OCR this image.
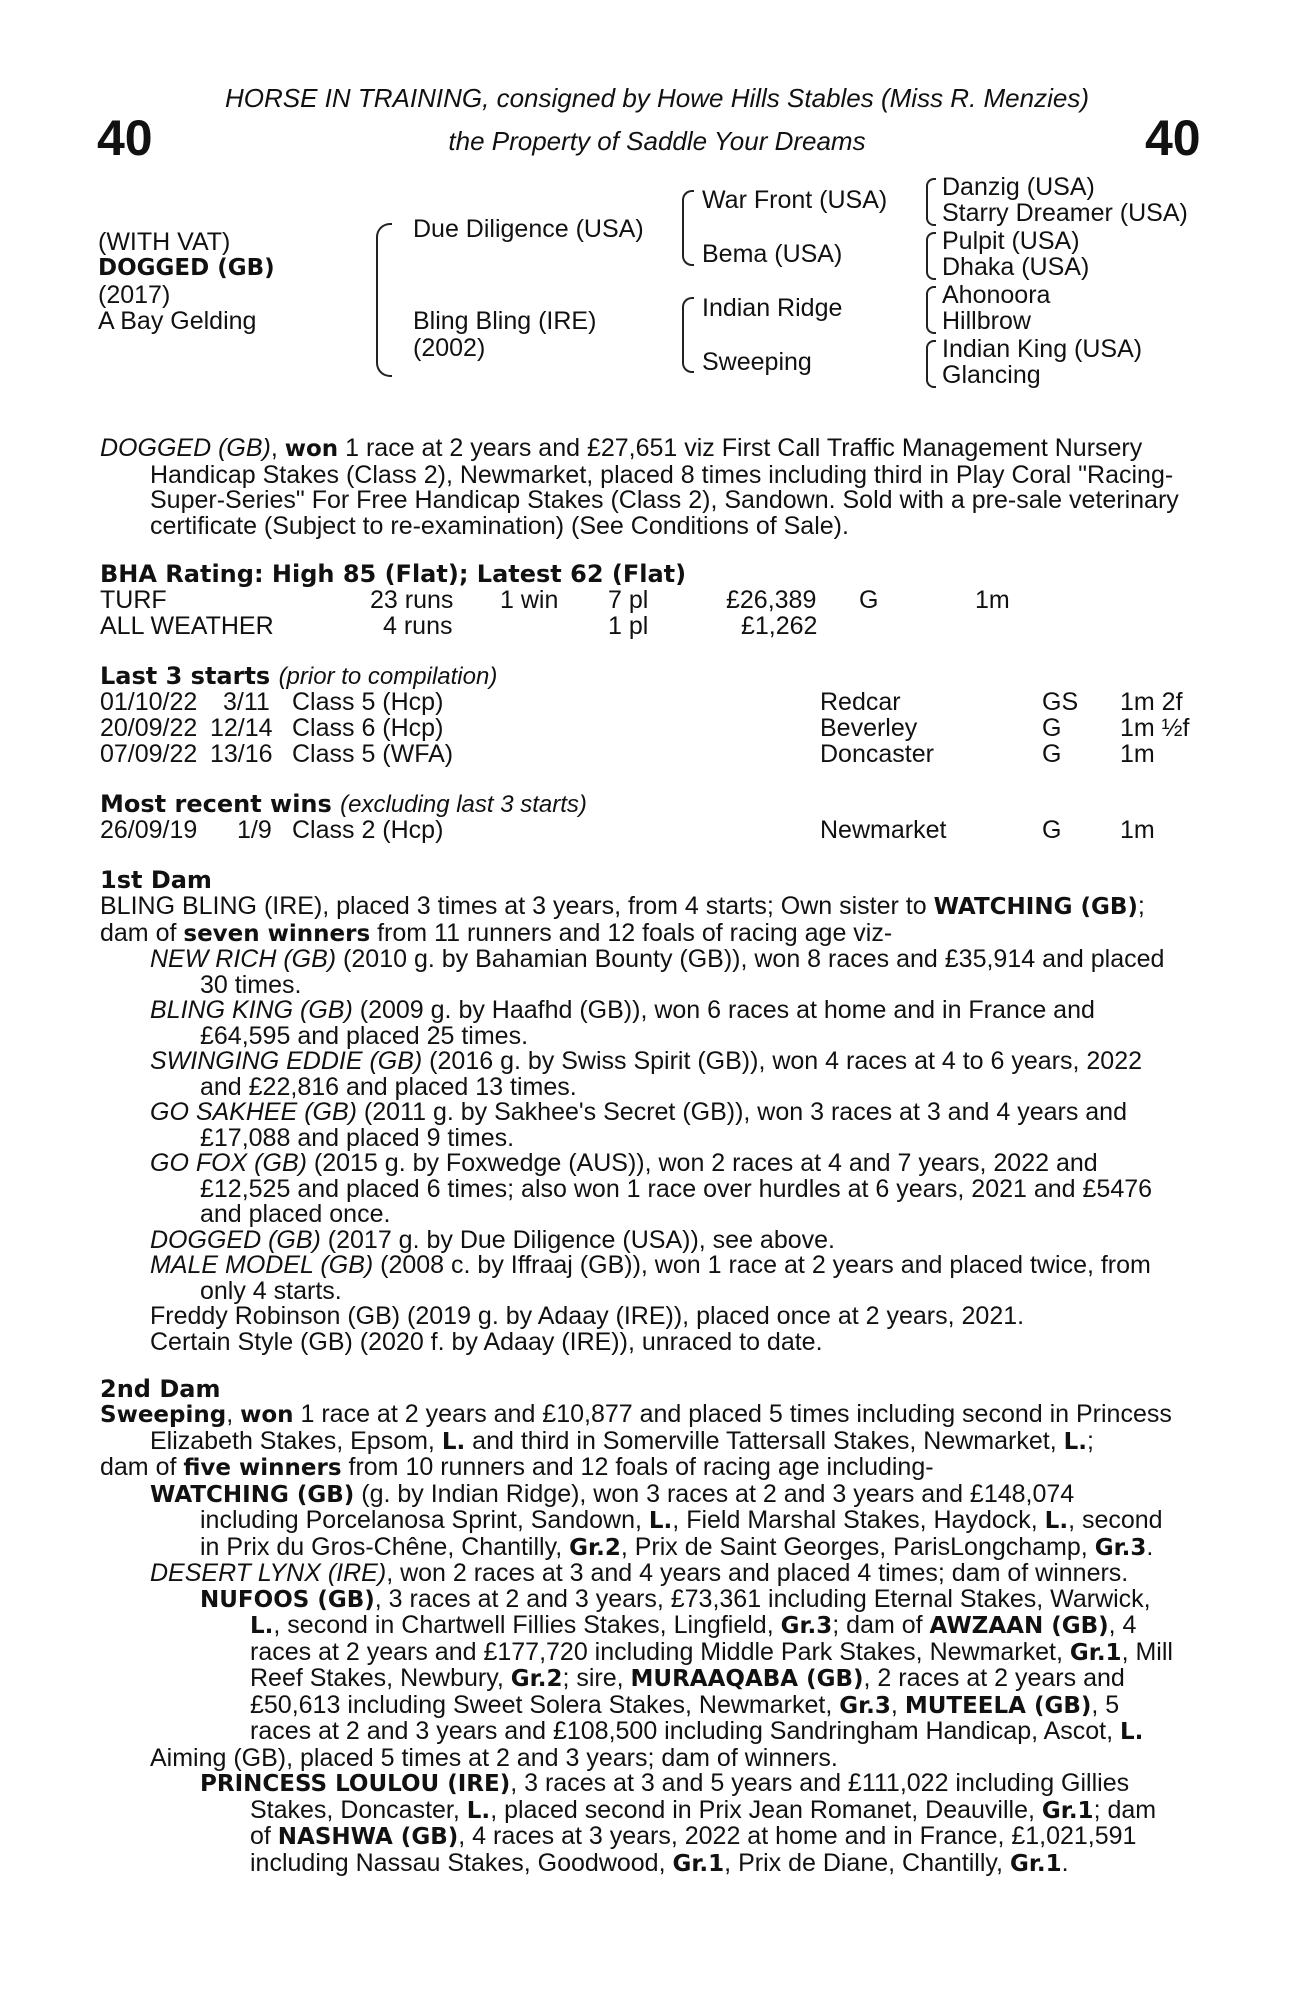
40	40
HORSE IN TRAINING, consigned by Howe Hills Stables (Miss R. Menzies)
the Property of Saddle Your Dreams
(WITH VAT)
DOGGED (GB)
(2017)
A Bay Gelding
Due Diligence (USA)
Bling Bling (IRE)
(2002)
War Front (USA)
Bema (USA)
Indian Ridge
Sweeping
Danzig (USA)
Starry Dreamer (USA)
Pulpit (USA)
Dhaka (USA)
Ahonoora
Hillbrow
Indian King (USA)
Glancing
DOGGED (GB), won 1 race at 2 years and £27,651 viz First Call Traffic Management Nursery
Handicap Stakes (Class 2), Newmarket, placed 8 times including third in Play Coral "Racing-
Super-Series" For Free Handicap Stakes (Class 2), Sandown. Sold with a pre-sale veterinary
certificate (Subject to re-examination) (See Conditions of Sale).
BHA Rating: High 85 (Flat); Latest 62 (Flat)
TURF	23 runs 1 win 7 pl	£26,389 G	1m
ALL WEATHER	4 runs	1 pl	£1,262
Last 3 starts (prior to compilation)
01/10/22 3/11 Class 5 (Hcp)	Redcar	GS 1m 2f
20/09/22 12/14 Class 6 (Hcp)	Beverley	G 1m ½f
07/09/22 13/16 Class 5 (WFA)	Doncaster	G 1m
Most recent wins (excluding last 3 starts)
26/09/19 1/9 Class 2 (Hcp)	Newmarket	G 1m
1st Dam
BLING BLING (IRE), placed 3 times at 3 years, from 4 starts; Own sister to WATCHING (GB);
dam of seven winners from 11 runners and 12 foals of racing age viz-
NEW RICH (GB) (2010 g. by Bahamian Bounty (GB)), won 8 races and £35,914 and placed
30 times.
BLING KING (GB) (2009 g. by Haafhd (GB)), won 6 races at home and in France and
£64,595 and placed 25 times.
SWINGING EDDIE (GB) (2016 g. by Swiss Spirit (GB)), won 4 races at 4 to 6 years, 2022
and £22,816 and placed 13 times.
GO SAKHEE (GB) (2011 g. by Sakhee's Secret (GB)), won 3 races at 3 and 4 years and
£17,088 and placed 9 times.
GO FOX (GB) (2015 g. by Foxwedge (AUS)), won 2 races at 4 and 7 years, 2022 and
£12,525 and placed 6 times; also won 1 race over hurdles at 6 years, 2021 and £5476
and placed once.
DOGGED (GB) (2017 g. by Due Diligence (USA)), see above.
MALE MODEL (GB) (2008 c. by Iffraaj (GB)), won 1 race at 2 years and placed twice, from
only 4 starts.
Freddy Robinson (GB) (2019 g. by Adaay (IRE)), placed once at 2 years, 2021.
Certain Style (GB) (2020 f. by Adaay (IRE)), unraced to date.
2nd Dam
Sweeping, won 1 race at 2 years and £10,877 and placed 5 times including second in Princess
Elizabeth Stakes, Epsom, L. and third in Somerville Tattersall Stakes, Newmarket, L.;
dam of five winners from 10 runners and 12 foals of racing age including-
WATCHING (GB) (g. by Indian Ridge), won 3 races at 2 and 3 years and £148,074
including Porcelanosa Sprint, Sandown, L., Field Marshal Stakes, Haydock, L., second
in Prix du Gros-Chêne, Chantilly, Gr.2, Prix de Saint Georges, ParisLongchamp, Gr.3.
DESERT LYNX (IRE), won 2 races at 3 and 4 years and placed 4 times; dam of winners.
NUFOOS (GB), 3 races at 2 and 3 years, £73,361 including Eternal Stakes, Warwick,
L., second in Chartwell Fillies Stakes, Lingfield, Gr.3; dam of AWZAAN (GB), 4
races at 2 years and £177,720 including Middle Park Stakes, Newmarket, Gr.1, Mill
Reef Stakes, Newbury, Gr.2; sire, MURAAQABA (GB), 2 races at 2 years and
£50,613 including Sweet Solera Stakes, Newmarket, Gr.3, MUTEELA (GB), 5
races at 2 and 3 years and £108,500 including Sandringham Handicap, Ascot, L.
Aiming (GB), placed 5 times at 2 and 3 years; dam of winners.
PRINCESS LOULOU (IRE), 3 races at 3 and 5 years and £111,022 including Gillies
Stakes, Doncaster, L., placed second in Prix Jean Romanet, Deauville, Gr.1; dam
of NASHWA (GB), 4 races at 3 years, 2022 at home and in France, £1,021,591
including Nassau Stakes, Goodwood, Gr.1, Prix de Diane, Chantilly, Gr.1.
